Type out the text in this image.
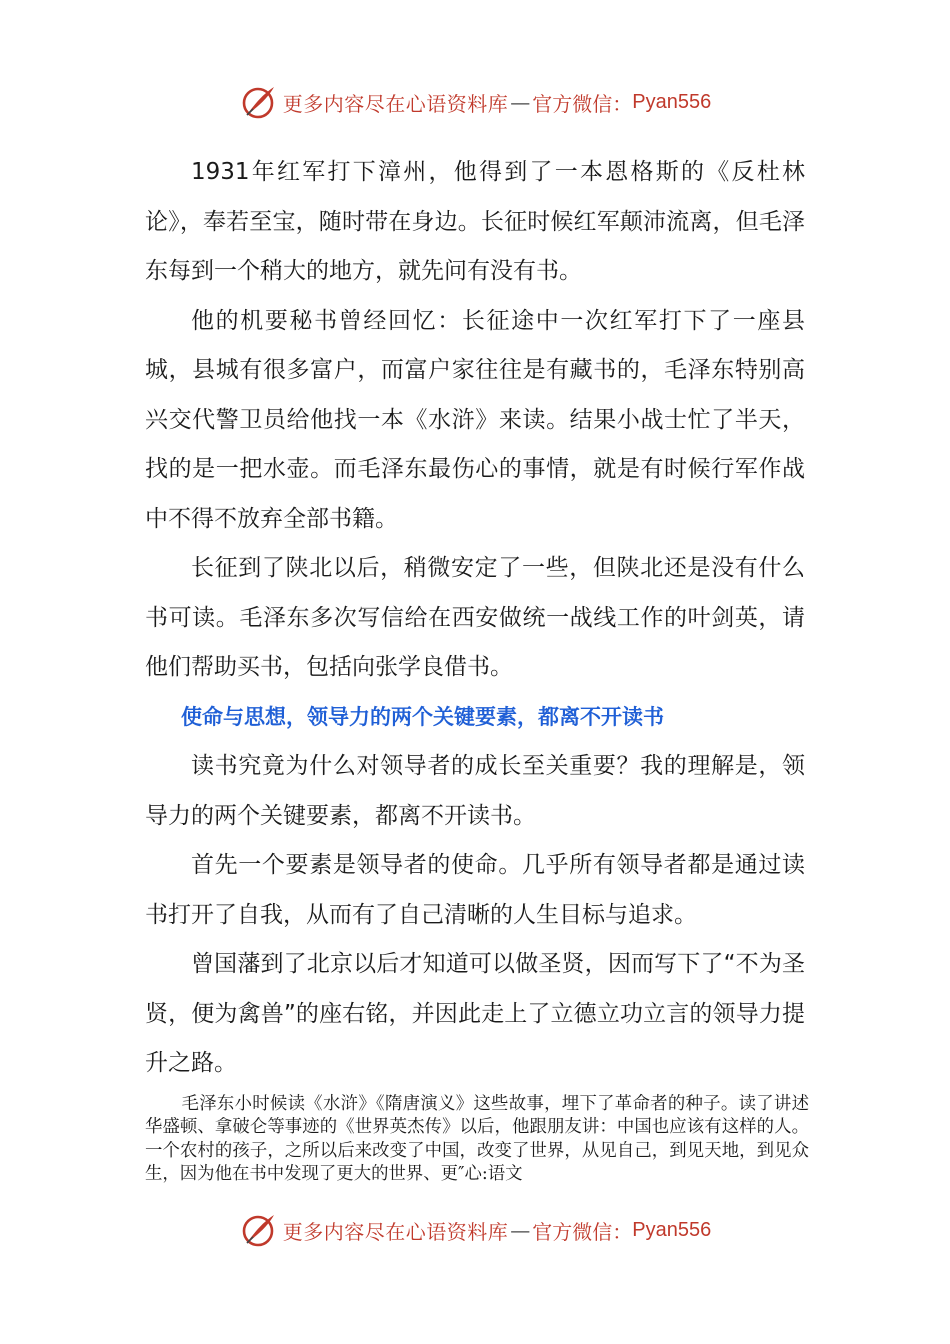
更多内容尽在心语资料库 — 官方微信： Pyan556

1931年红军打下漳州，他得到了一本恩格斯的《反杜林论》，奉若至宝，随时带在身边。长征时候红军颠沛流离，但毛泽东每到一个稍大的地方，就先问有没有书。

他的机要秘书曾经回忆：长征途中一次红军打下了一座县城，县城有很多富户，而富户家往往是有藏书的，毛泽东特别高兴交代警卫员给他找一本《水浒》来读。结果小战士忙了半天，找的是一把水壶。而毛泽东最伤心的事情，就是有时候行军作战中不得不放弃全部书籍。

长征到了陕北以后，稍微安定了一些，但陕北还是没有什么书可读。毛泽东多次写信给在西安做统一战线工作的叶剑英，请他们帮助买书，包括向张学良借书。

使命与思想，领导力的两个关键要素，都离不开读书

读书究竟为什么对领导者的成长至关重要？我的理解是，领导力的两个关键要素，都离不开读书。

首先一个要素是领导者的使命。几乎所有领导者都是通过读书打开了自我，从而有了自己清晰的人生目标与追求。

曾国藩到了北京以后才知道可以做圣贤，因而写下了“不为圣贤，便为禽兽”的座右铭，并因此走上了立德立功立言的领导力提升之路。

毛泽东小时候读《水浒》《隋唐演义》这些故事，埋下了革命者的种子。读了讲述华盛顿、拿破仑等事迹的《世界英杰传》以后，他跟朋友讲：中国也应该有这样的人。一个农村的孩子，之所以后来改变了中国，改变了世界，从见自己，到见天地，到见众生，因为他在书中发现了更大的世界、更″心:语文

更多内容尽在心语资料库 — 官方微信： Pyan556
